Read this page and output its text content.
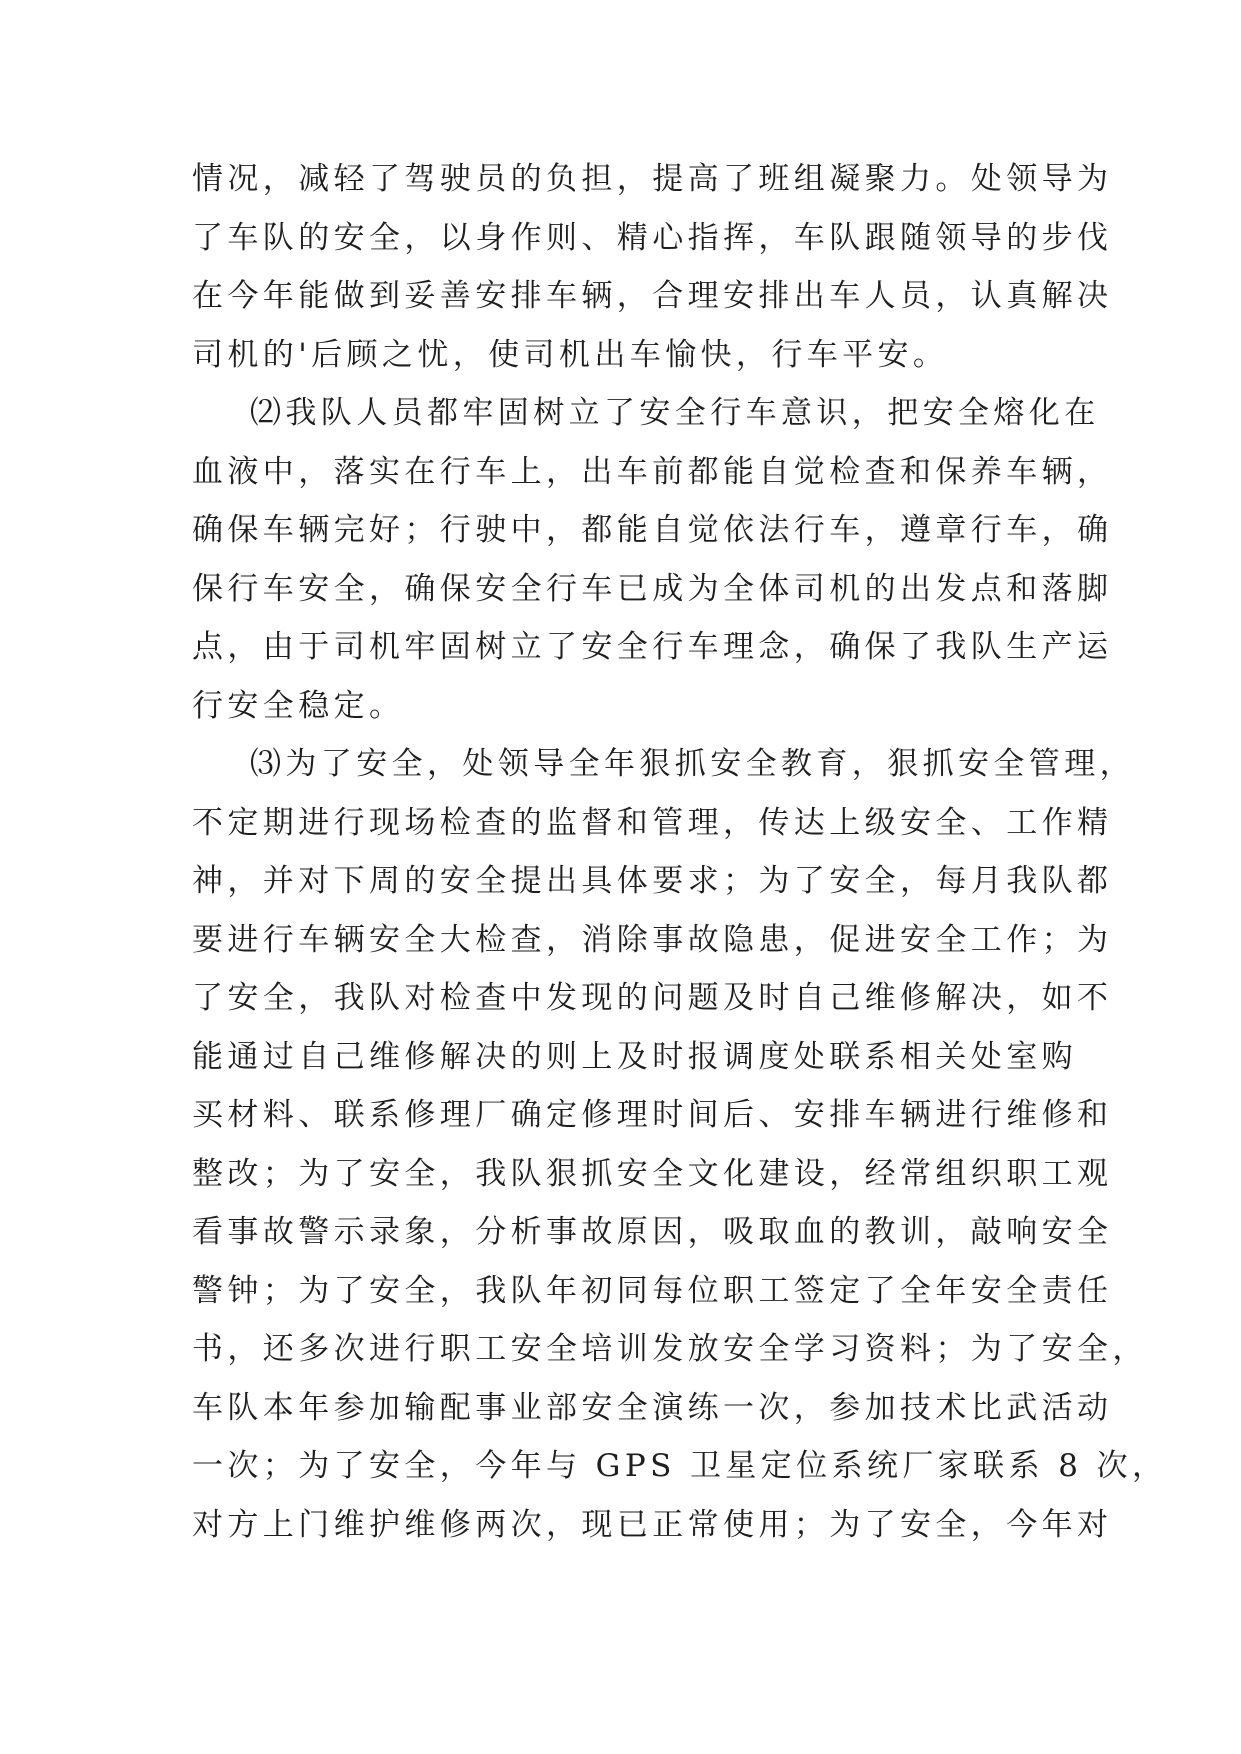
情况，减轻了驾驶员的负担，提高了班组凝聚力。处领导为
了车队的安全，以身作则、精心指挥，车队跟随领导的步伐
在今年能做到妥善安排车辆，合理安排出车人员，认真解决
司机的'后顾之忧，使司机出车愉快，行车平安。
⑵我队人员都牢固树立了安全行车意识，把安全熔化在
血液中，落实在行车上，出车前都能自觉检查和保养车辆，
确保车辆完好；行驶中，都能自觉依法行车，遵章行车，确
保行车安全，确保安全行车已成为全体司机的出发点和落脚
点，由于司机牢固树立了安全行车理念，确保了我队生产运
行安全稳定。
⑶为了安全，处领导全年狠抓安全教育，狠抓安全管理，
不定期进行现场检查的监督和管理，传达上级安全、工作精
神，并对下周的安全提出具体要求；为了安全，每月我队都
要进行车辆安全大检查，消除事故隐患，促进安全工作；为
了安全，我队对检查中发现的问题及时自己维修解决，如不
能通过自己维修解决的则上及时报调度处联系相关处室购
买材料、联系修理厂确定修理时间后、安排车辆进行维修和
整改；为了安全，我队狠抓安全文化建设，经常组织职工观
看事故警示录象，分析事故原因，吸取血的教训，敲响安全
警钟；为了安全，我队年初同每位职工签定了全年安全责任
书，还多次进行职工安全培训发放安全学习资料；为了安全，
车队本年参加输配事业部安全演练一次，参加技术比武活动
一次；为了安全，今年与 GPS 卫星定位系统厂家联系 8 次，
对方上门维护维修两次，现已正常使用；为了安全，今年对
